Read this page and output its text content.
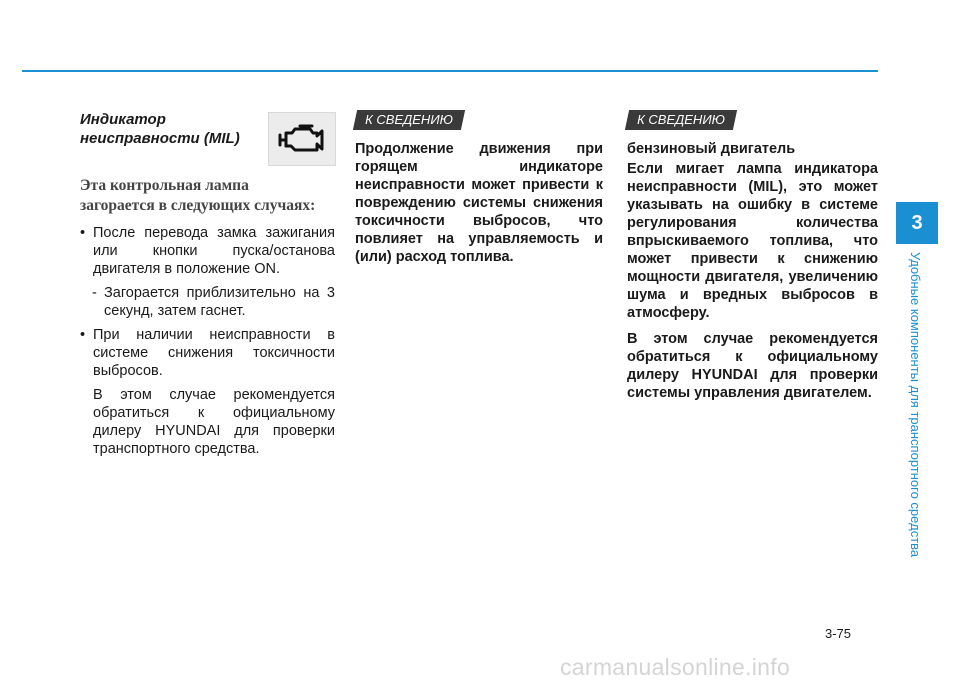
Индикатор
неисправности (MIL)
Эта контрольная лампа
загорается в следующих случаях:
• После перевода замка зажигания или кнопки пуска/останова двигателя в положение ON.
- Загорается приблизительно на 3 секунд, затем гаснет.
• При наличии неисправности в системе снижения токсичности выбросов.

В этом случае рекомендуется обратиться к официальному дилеру HYUNDAI для проверки транспортного средства.

К СВЕДЕНИЮ

Продолжение движения при горящем индикаторе неисправности может привести к повреждению системы снижения токсичности выбросов, что повлияет на управляемость и (или) расход топлива.

К СВЕДЕНИЮ

бензиновый двигатель

Если мигает лампа индикатора неисправности (MIL), это может указывать на ошибку в системе регулирования количества впрыскиваемого топлива, что может привести к снижению мощности двигателя, увеличению шума и вредных выбросов в атмосферу.

В этом случае рекомендуется обратиться к официальному дилеру HYUNDAI для проверки системы управления двигателем.

3
Удобные компоненты для транспортного средства
3-75
carmanualsonline.info
